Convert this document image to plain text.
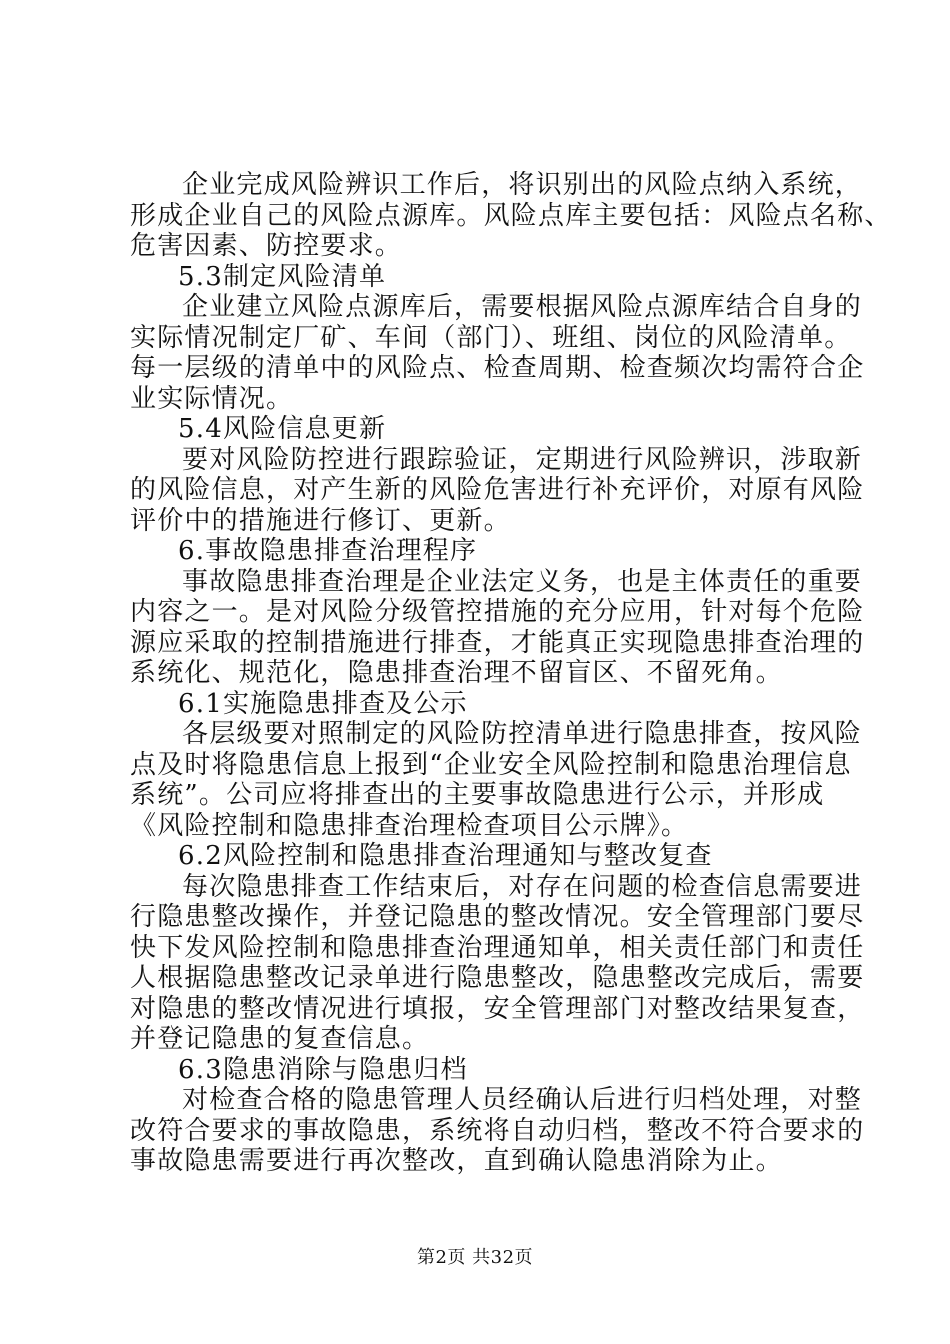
企业完成风险辨识工作后，将识别出的风险点纳入系统，
形成企业自己的风险点源库。风险点库主要包括：风险点名称、
危害因素、防控要求。
5.3制定风险清单
企业建立风险点源库后，需要根据风险点源库结合自身的
实际情况制定厂矿、车间（部门）、班组、岗位的风险清单。
每一层级的清单中的风险点、检查周期、检查频次均需符合企
业实际情况。
5.4风险信息更新
要对风险防控进行跟踪验证，定期进行风险辨识，涉取新
的风险信息，对产生新的风险危害进行补充评价，对原有风险
评价中的措施进行修订、更新。
6.事故隐患排查治理程序
事故隐患排查治理是企业法定义务，也是主体责任的重要
内容之一。是对风险分级管控措施的充分应用，针对每个危险
源应采取的控制措施进行排查，才能真正实现隐患排查治理的
系统化、规范化，隐患排查治理不留盲区、不留死角。
6.1实施隐患排查及公示
各层级要对照制定的风险防控清单进行隐患排查，按风险
点及时将隐患信息上报到“企业安全风险控制和隐患治理信息
系统”。公司应将排查出的主要事故隐患进行公示，并形成
《风险控制和隐患排查治理检查项目公示牌》。
6.2风险控制和隐患排查治理通知与整改复查
每次隐患排查工作结束后，对存在问题的检查信息需要进
行隐患整改操作，并登记隐患的整改情况。安全管理部门要尽
快下发风险控制和隐患排查治理通知单，相关责任部门和责任
人根据隐患整改记录单进行隐患整改，隐患整改完成后，需要
对隐患的整改情况进行填报，安全管理部门对整改结果复查，
并登记隐患的复查信息。
6.3隐患消除与隐患归档
对检查合格的隐患管理人员经确认后进行归档处理，对整
改符合要求的事故隐患，系统将自动归档，整改不符合要求的
事故隐患需要进行再次整改，直到确认隐患消除为止。
第2页 共32页
